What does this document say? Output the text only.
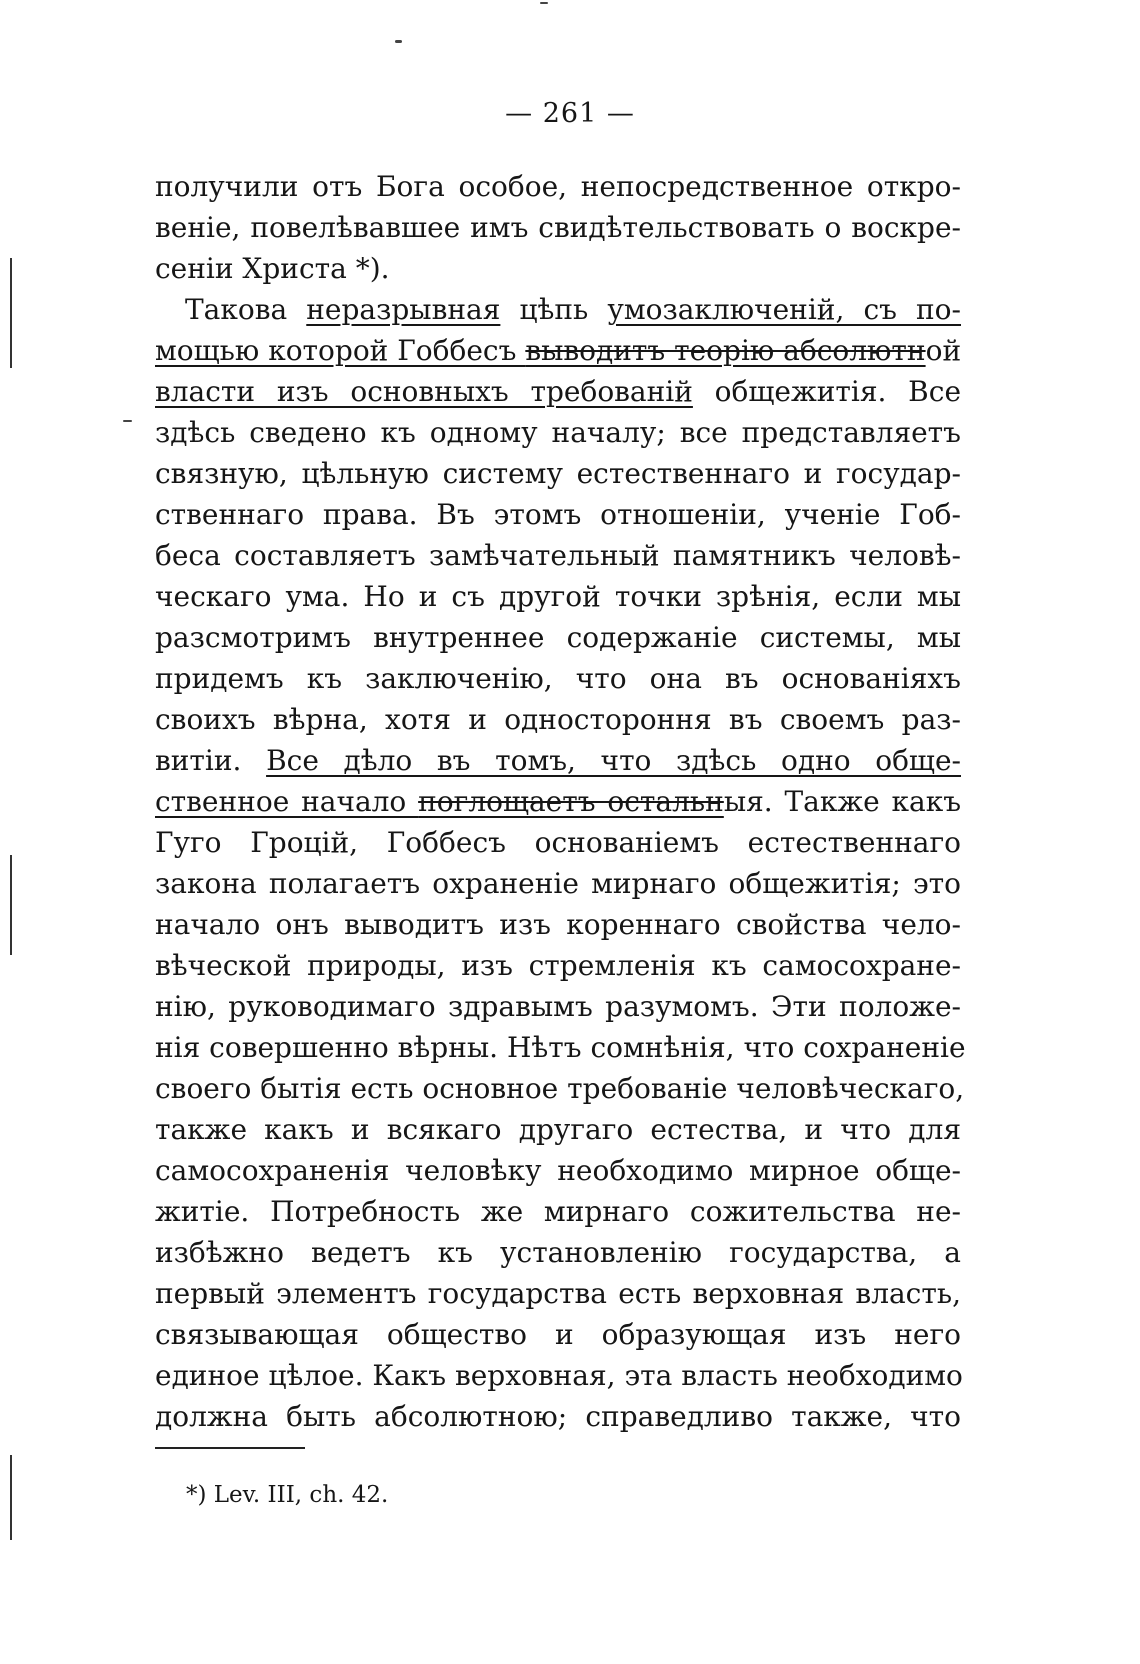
— 261 —
получили отъ Бога особое, непосредственное откро-
веніе, повелѣвавшее имъ свидѣтельствовать о воскре-
сеніи Христа *).
Такова неразрывная цѣпь умозаключеній, съ по-
мощью которой Гоббесъ выводитъ теорію абсолютной
власти изъ основныхъ требованій общежитія. Все
здѣсь сведено къ одному началу; все представляетъ
связную, цѣльную систему естественнаго и государ-
ственнаго права. Въ этомъ отношеніи, ученіе Гоб-
беса составляетъ замѣчательный памятникъ человѣ-
ческаго ума. Но и съ другой точки зрѣнія, если мы
разсмотримъ внутреннее содержаніе системы, мы
придемъ къ заключенію, что она въ основаніяхъ
своихъ вѣрна, хотя и одностороння въ своемъ раз-
витіи. Все дѣло въ томъ, что здѣсь одно обще-
ственное начало поглощаетъ остальныя. Также какъ
Гуго Гроцій, Гоббесъ основаніемъ естественнаго
закона полагаетъ охраненіе мирнаго общежитія; это
начало онъ выводитъ изъ кореннаго свойства чело-
вѣческой природы, изъ стремленія къ самосохране-
нію, руководимаго здравымъ разумомъ. Эти положе-
нія совершенно вѣрны. Нѣтъ сомнѣнія, что сохраненіе
своего бытія есть основное требованіе человѣческаго,
также какъ и всякаго другаго естества, и что для
самосохраненія человѣку необходимо мирное обще-
житіе. Потребность же мирнаго сожительства не-
избѣжно ведетъ къ установленію государства, а
первый элементъ государства есть верховная власть,
связывающая общество и образующая изъ него
единое цѣлое. Какъ верховная, эта власть необходимо
должна быть абсолютною; справедливо также, что
*) Lev. III, ch. 42.
